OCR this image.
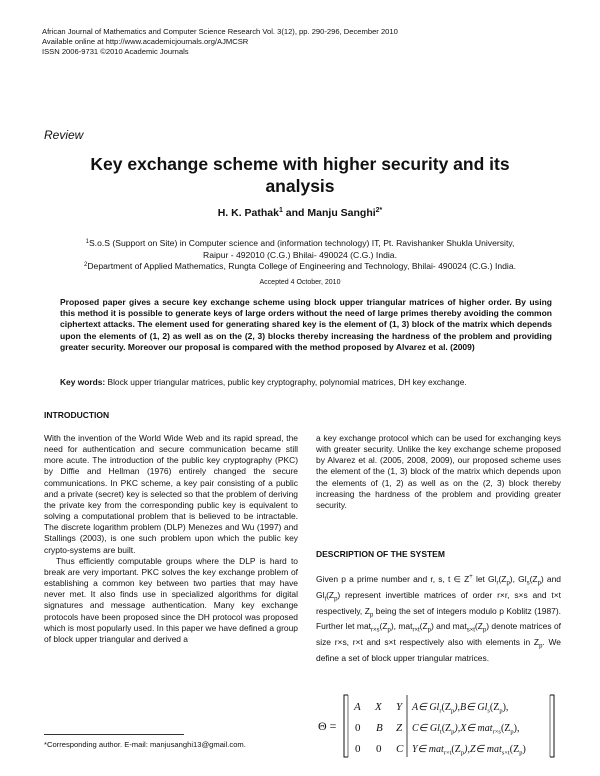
African Journal of Mathematics and Computer Science Research Vol. 3(12), pp. 290-296, December 2010
Available online at http://www.academicjournals.org/AJMCSR
ISSN 2006-9731 ©2010 Academic Journals
Review
Key exchange scheme with higher security and its
analysis
H. K. Pathak$^1$ and Manju Sanghi$^{2*}$
$^1$S.o.S (Support on Site) in Computer science and (information technology) IT, Pt. Ravishanker Shukla University,
Raipur - 492010 (C.G.) Bhilai- 490024 (C.G.) India.
$^2$Department of Applied Mathematics, Rungta College of Engineering and Technology, Bhilai- 490024 (C.G.) India.
Accepted 4 October, 2010
Proposed paper gives a secure key exchange scheme using block upper triangular matrices of higher order. By using this method it is possible to generate keys of large orders without the need of large primes thereby avoiding the common ciphertext attacks. The element used for generating shared key is the element of (1, 3) block of the matrix which depends upon the elements of (1, 2) as well as on the (2, 3) blocks thereby increasing the hardness of the problem and providing greater security. Moreover our proposal is compared with the method proposed by Alvarez et al. (2009)
Key words: Block upper triangular matrices, public key cryptography, polynomial matrices, DH key exchange.
INTRODUCTION

With the invention of the World Wide Web and its rapid spread, the need for authentication and secure communication became still more acute. The introduction of the public key cryptography (PKC) by Diffie and Hellman (1976) entirely changed the secure communications. In PKC scheme, a key pair consisting of a public and a private (secret) key is selected so that the problem of deriving the private key from the corresponding public key is equivalent to solving a computational problem that is believed to be intractable. The discrete logarithm problem (DLP) Menezes and Wu (1997) and Stallings (2003), is one such problem upon which the public key crypto-systems are built.

Thus efficiently computable groups where the DLP is hard to break are very important. PKC solves the key exchange problem of establishing a common key between two parties that may have never met. It also finds use in specialized algorithms for digital signatures and message authentication. Many key exchange protocols have been proposed since the DH protocol was proposed which is most popularly used. In this paper we have defined a group of block upper triangular and derived a

a key exchange protocol which can be used for exchanging keys with greater security. Unlike the key exchange scheme proposed by Alvarez et al. (2005, 2008, 2009), our proposed scheme uses the element of the (1, 3) block of the matrix which depends upon the elements of (1, 2) as well as on the (2, 3) block thereby increasing the hardness of the problem and providing greater security.

DESCRIPTION OF THE SYSTEM
Given p a prime number and r, s, t ∈ Z+ let $Gl_r(Z_p)$, $Gl_s(Z_p)$ and $Gl_t(Z_p)$ represent invertible matrices of order r×r, s×s and t×t respectively, $Z_p$ being the set of integers modulo p Koblitz (1987). Further let $mat_{r\times s}(Z_p)$, $mat_{r\times t}(Z_p)$ and $mat_{s\times t}(Z_p)$ denote matrices of size r×s, r×t and s×t respectively also with elements in $Z_p$. We define a set of block upper triangular matrices.
Θ =
A X Y
0 B Z
0 0 C
A∈ $Gl_r(Z_p),B\in$ $Gl_s(Z_p)$,
C∈ $Gl_t(Z_p),X\in$ $mat_{r\times s}(Z_p)$,
Y∈ $mat_{r\times t}(Z_p),Z\in$ $mat_{s\times t}(Z_p)$
*Corresponding author. E-mail: manjusanghi13@gmail.com.
